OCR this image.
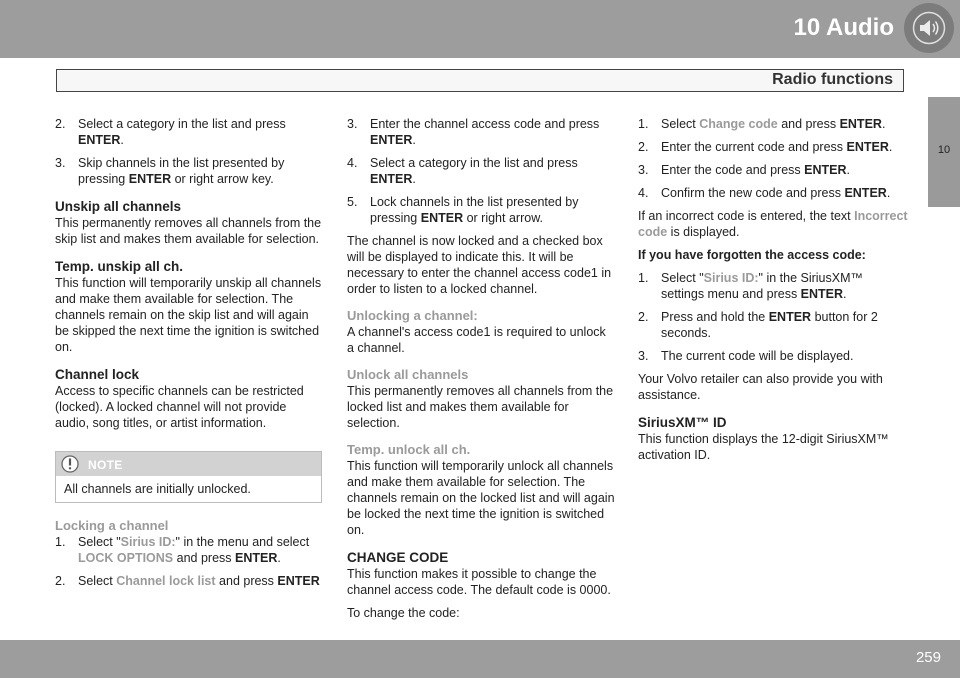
10 Audio
Radio functions
10
2. Select a category in the list and press ENTER.
3. Skip channels in the list presented by pressing ENTER or right arrow key.
Unskip all channels

This permanently removes all channels from the skip list and makes them available for selection.

Temp. unskip all ch.

This function will temporarily unskip all channels and make them available for selection. The channels remain on the skip list and will again be skipped the next time the ignition is switched on.

Channel lock

Access to specific channels can be restricted (locked). A locked channel will not provide audio, song titles, or artist information.

NOTE
All channels are initially unlocked.
Locking a channel
1. Select "Sirius ID:" in the menu and select LOCK OPTIONS and press ENTER.
2. Select Channel lock list and press ENTER
3. Enter the channel access code and press ENTER.
4. Select a category in the list and press ENTER.
5. Lock channels in the list presented by pressing ENTER or right arrow.

The channel is now locked and a checked box will be displayed to indicate this. It will be necessary to enter the channel access code1 in order to listen to a locked channel.

Unlocking a channel:

A channel's access code1 is required to unlock a channel.

Unlock all channels

This permanently removes all channels from the locked list and makes them available for selection.

Temp. unlock all ch.

This function will temporarily unlock all channels and make them available for selection. The channels remain on the locked list and will again be locked the next time the ignition is switched on.

CHANGE CODE

This function makes it possible to change the channel access code. The default code is 0000.

To change the code:

1. Select Change code and press ENTER.
2. Enter the current code and press ENTER.
3. Enter the code and press ENTER.
4. Confirm the new code and press ENTER.

If an incorrect code is entered, the text Incorrect code is displayed.

If you have forgotten the access code:

1. Select "Sirius ID:" in the SiriusXM™ settings menu and press ENTER.
2. Press and hold the ENTER button for 2 seconds.
3. The current code will be displayed.

Your Volvo retailer can also provide you with assistance.

SiriusXM™ ID

This function displays the 12-digit SiriusXM™ activation ID.

259
